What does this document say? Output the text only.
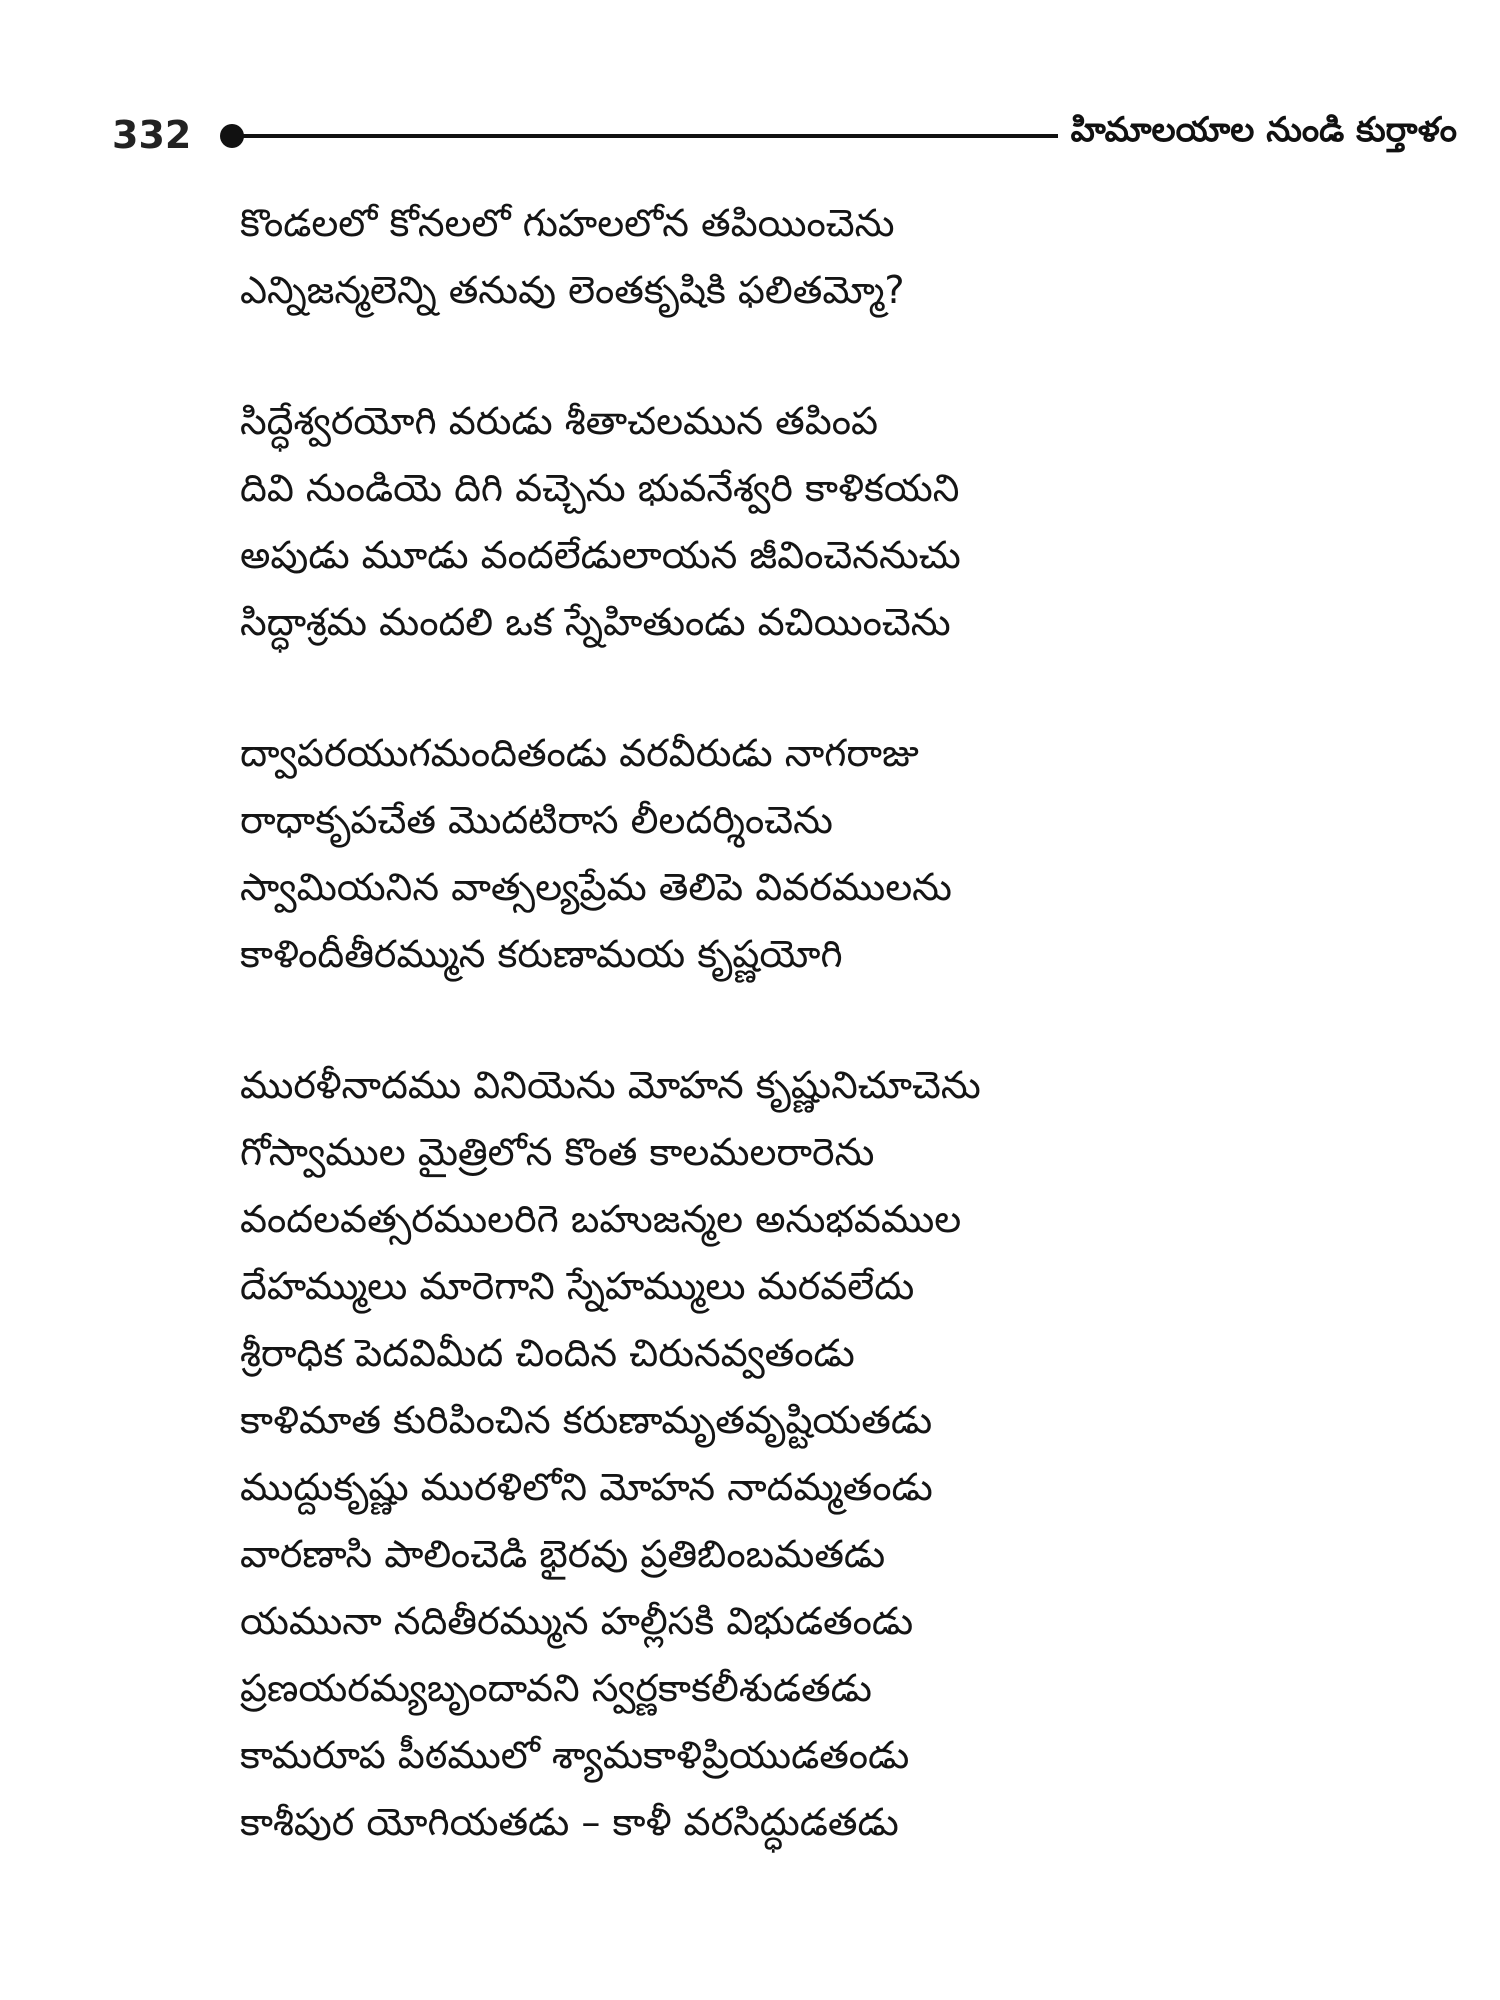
332	హిమాలయాల నుండి కుర్తాళం
కొండలలో కోనలలో గుహలలోన తపియించెను
ఎన్నిజన్మలెన్ని తనువు లెంతకృషికి ఫలితమ్మో?
సిద్ధేశ్వరయోగి వరుడు శీతాచలమున తపింప
దివి నుండియె దిగి వచ్చెను భువనేశ్వరి కాళికయని
అపుడు మూడు వందలేడులాయన జీవించెననుచు
సిద్ధాశ్రమ మందలి ఒక స్నేహితుండు వచియించెను
ద్వాపరయుగమందితండు వరవీరుడు నాగరాజు
రాధాకృపచేత మొదటిరాస లీలదర్శించెను
స్వామియనిన వాత్సల్యప్రేమ తెలిపె వివరములను
కాళిందీతీరమ్మున కరుణామయ కృష్ణయోగి
మురళీనాదము వినియెను మోహన కృష్ణునిచూచెను
గోస్వాముల మైత్రిలోన కొంత కాలమలరారెను
వందలవత్సరములరిగె బహుజన్మల అనుభవముల
దేహమ్ములు మారెగాని స్నేహమ్ములు మరవలేదు
శ్రీరాధిక పెదవిమీద చిందిన చిరునవ్వతండు
కాళిమాత కురిపించిన కరుణామృతవృష్టియతడు
ముద్దుకృష్ణు మురళిలోని మోహన నాదమ్మతండు
వారణాసి పాలించెడి భైరవు ప్రతిబింబమతడు
యమునా నదితీరమ్మున హల్లీసకి విభుడతండు
ప్రణయరమ్యబృందావని స్వర్ణకాకలీశుడతడు
కామరూప పీఠములో శ్యామకాళిప్రియుడతండు
కాశీపుర యోగియతడు – కాళీ వరసిద్ధుడతడు
